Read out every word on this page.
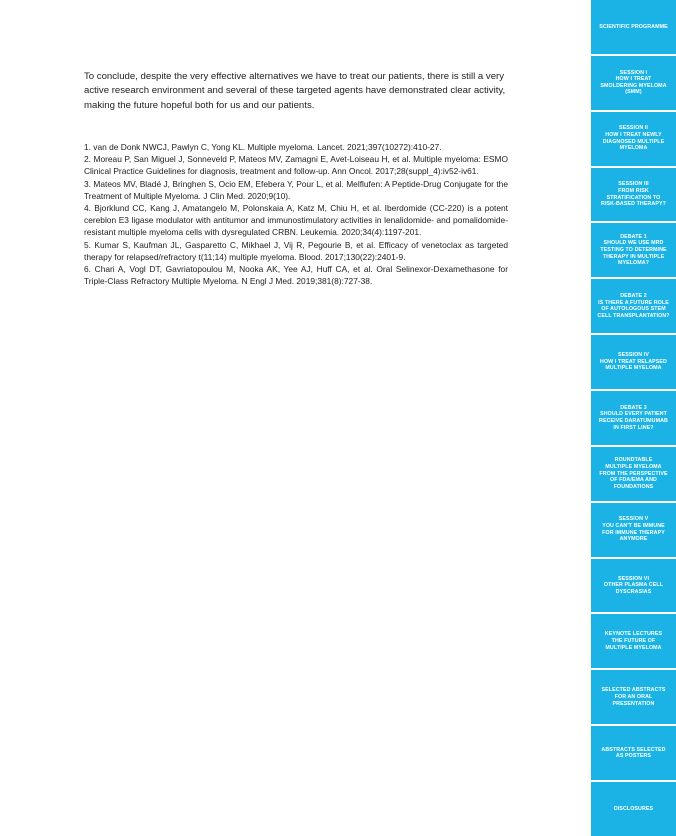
To conclude, despite the very effective alternatives we have to treat our patients, there is still a very active research environment and several of these targeted agents have demonstrated clear activity, making the future hopeful both for us and our patients.

1. van de Donk NWCJ, Pawlyn C, Yong KL. Multiple myeloma. Lancet. 2021;397(10272):410-27.
2. Moreau P, San Miguel J, Sonneveld P, Mateos MV, Zamagni E, Avet-Loiseau H, et al. Multiple myeloma: ESMO Clinical Practice Guidelines for diagnosis, treatment and follow-up. Ann Oncol. 2017;28(suppl_4):iv52-iv61.
3. Mateos MV, Bladé J, Bringhen S, Ocio EM, Efebera Y, Pour L, et al. Melflufen: A Peptide-Drug Conjugate for the Treatment of Multiple Myeloma. J Clin Med. 2020;9(10).
4. Bjorklund CC, Kang J, Amatangelo M, Polonskaia A, Katz M, Chiu H, et al. Iberdomide (CC-220) is a potent cereblon E3 ligase modulator with antitumor and immunostimulatory activities in lenalidomide- and pomalidomide-resistant multiple myeloma cells with dysregulated CRBN. Leukemia. 2020;34(4):1197-201.
5. Kumar S, Kaufman JL, Gasparetto C, Mikhael J, Vij R, Pegourie B, et al. Efficacy of venetoclax as targeted therapy for relapsed/refractory t(11;14) multiple myeloma. Blood. 2017;130(22):2401-9.
6. Chari A, Vogl DT, Gavriatopoulou M, Nooka AK, Yee AJ, Huff CA, et al. Oral Selinexor-Dexamethasone for Triple-Class Refractory Multiple Myeloma. N Engl J Med. 2019;381(8):727-38.
SCIENTIFIC PROGRAMME
SESSION I
HOW I TREAT
SMOLDERING MYELOMA
(SMM)
SESSION II
HOW I TREAT NEWLY
DIAGNOSED MULTIPLE
MYELOMA
SESSION III
FROM RISK
STRATIFICATION TO
RISK-BASED THERAPY?
DEBATE 1
SHOULD WE USE MRD
TESTING TO DETERMINE
THERAPY IN MULTIPLE
MYELOMA?
DEBATE 2
IS THERE A FUTURE ROLE
OF AUTOLOGOUS STEM
CELL TRANSPLANTATION?
SESSION IV
HOW I TREAT RELAPSED
MULTIPLE MYELOMA
DEBATE 3
SHOULD EVERY PATIENT
RECEIVE DARATUMUMAB
IN FIRST LINE?
ROUNDTABLE
MULTIPLE MYELOMA
FROM THE PERSPECTIVE
OF FDA/EMA AND
FOUNDATIONS
SESSION V
YOU CAN'T BE IMMUNE
FOR IMMUNE THERAPY
ANYMORE
SESSION VI
OTHER PLASMA CELL
DYSCRASIAS
KEYNOTE LECTURES
THE FUTURE OF
MULTIPLE MYELOMA
SELECTED ABSTRACTS
FOR AN ORAL
PRESENTATION
ABSTRACTS SELECTED
AS POSTERS
DISCLOSURES
